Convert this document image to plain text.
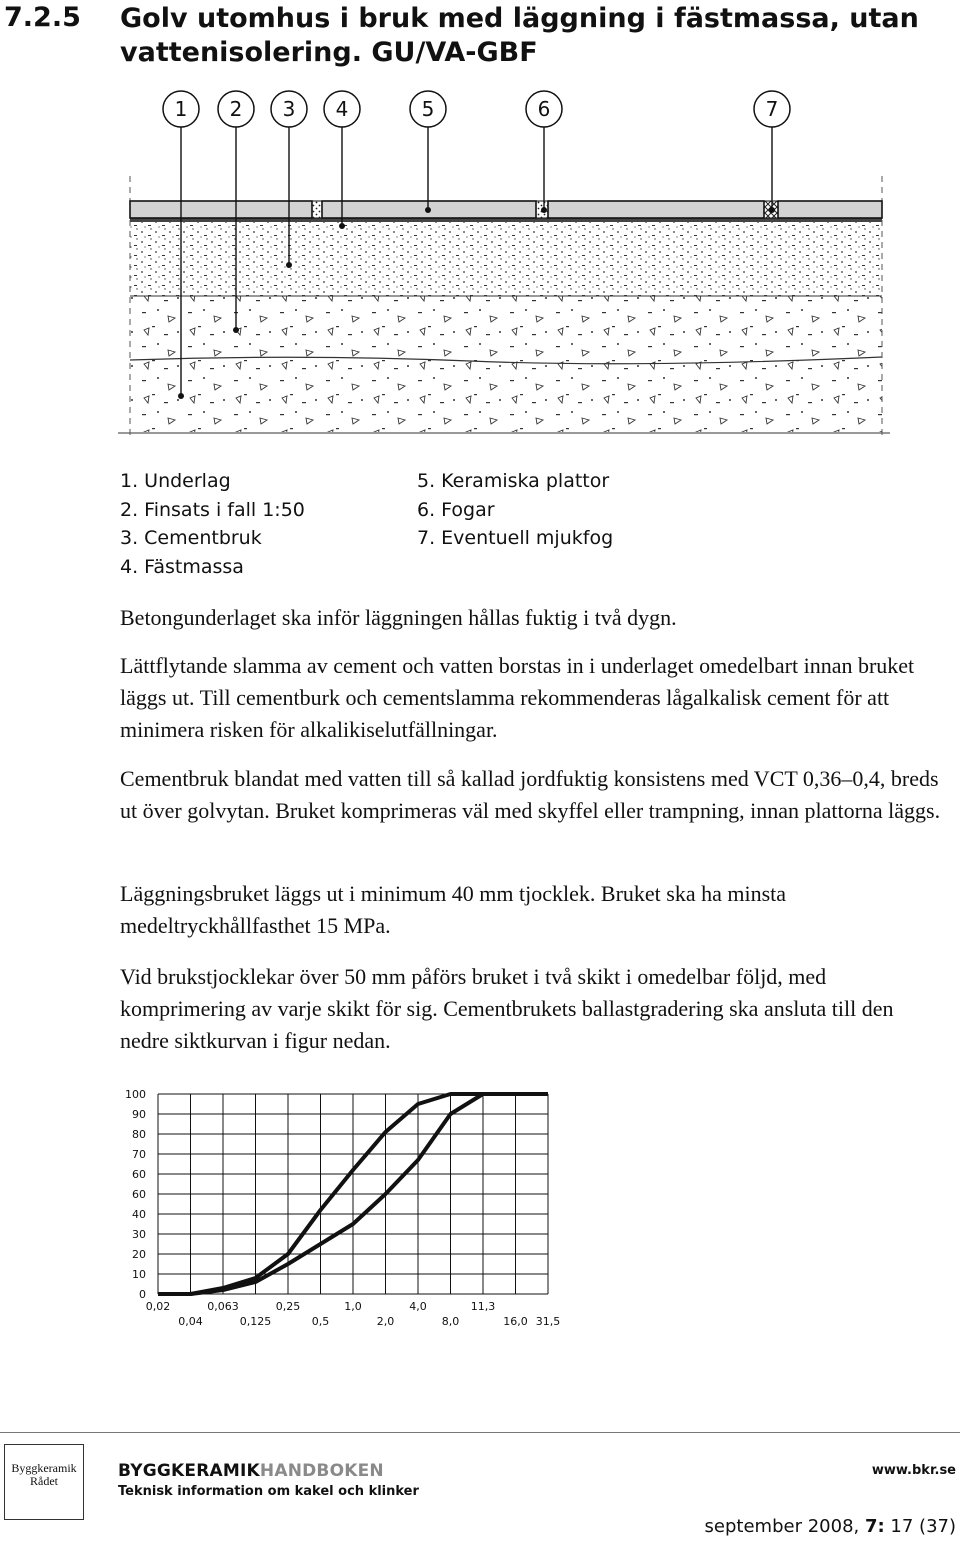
7.2.5 Golv utomhus i bruk med läggning i fästmassa, utan vattenisolering. GU/VA-GBF
1 2 3 4	5	6	7
1. Underlag
2. Finsats i fall 1:50
3. Cementbruk
4. Fästmassa
5. Keramiska plattor
6. Fogar
7. Eventuell mjukfog
Betongunderlaget ska inför läggningen hållas fuktig i två dygn.
Lättflytande slamma av cement och vatten borstas in i underlaget omedelbart innan bruket läggs ut. Till cementburk och cementslamma rekommenderas lågalkalisk cement för att minimera risken för alkalikiselutfällningar.
Cementbruk blandat med vatten till så kallad jordfuktig konsistens med VCT 0,36–0,4, breds ut över golvytan. Bruket komprimeras väl med skyffel eller trampning, innan plattorna läggs.
Läggningsbruket läggs ut i minimum 40 mm tjocklek. Bruket ska ha minsta medeltryckhållfasthet 15 MPa.
Vid brukstjocklekar över 50 mm påförs bruket i två skikt i omedelbar följd, med komprimering av varje skikt för sig. Cementbrukets ballastgradering ska ansluta till den nedre siktkurvan i figur nedan.
100
90
80
70
60
60
40
30
20
10
0
0,02
0,04
0,063
0,125
0,25
0,5
1,0
2,0
4,0
8,0
11,3
16,0 31,5
Byggkeramik
Rådet	BYGGKERAMIKHANDBOKEN
Teknisk information om kakel och klinker
www.bkr.se
september 2008, 7: 17 (37)
